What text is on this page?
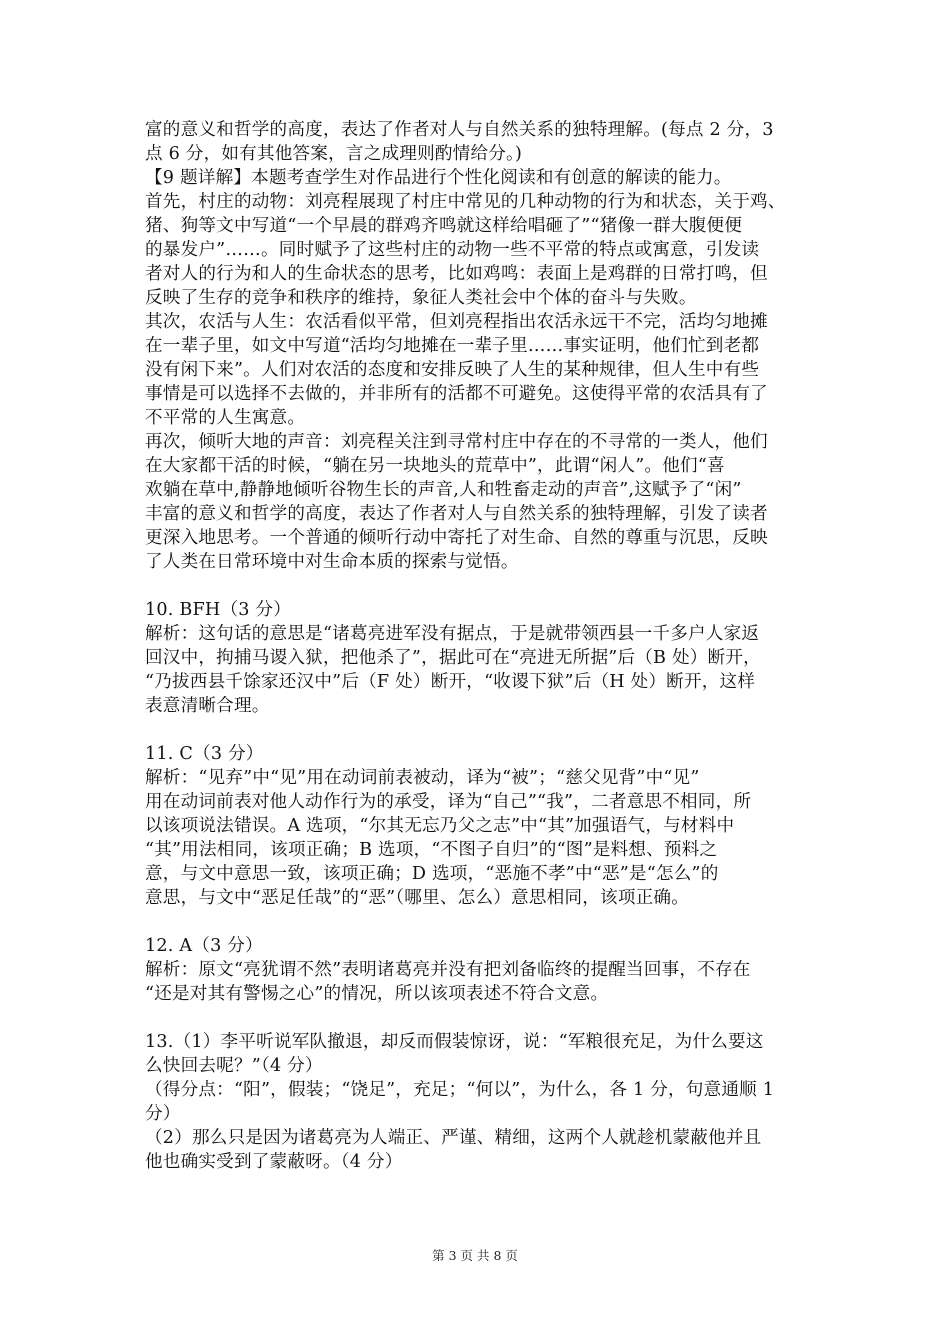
富的意义和哲学的高度，表达了作者对人与自然关系的独特理解。(每点 2 分，3
点 6 分，如有其他答案，言之成理则酌情给分。)
【9 题详解】本题考查学生对作品进行个性化阅读和有创意的解读的能力。
首先，村庄的动物：刘亮程展现了村庄中常见的几种动物的行为和状态，关于鸡、
猪、狗等文中写道“一个早晨的群鸡齐鸣就这样给唱砸了”“猪像一群大腹便便
的暴发户”……。同时赋予了这些村庄的动物一些不平常的特点或寓意，引发读
者对人的行为和人的生命状态的思考，比如鸡鸣：表面上是鸡群的日常打鸣，但
反映了生存的竞争和秩序的维持，象征人类社会中个体的奋斗与失败。
其次，农活与人生：农活看似平常，但刘亮程指出农活永远干不完，活均匀地摊
在一辈子里，如文中写道“活均匀地摊在一辈子里……事实证明，他们忙到老都
没有闲下来”。人们对农活的态度和安排反映了人生的某种规律，但人生中有些
事情是可以选择不去做的，并非所有的活都不可避免。这使得平常的农活具有了
不平常的人生寓意。
再次，倾听大地的声音：刘亮程关注到寻常村庄中存在的不寻常的一类人，他们
在大家都干活的时候，“躺在另一块地头的荒草中”，此谓“闲人”。他们“喜
欢躺在草中,静静地倾听谷物生长的声音,人和牲畜走动的声音”,这赋予了“闲”
丰富的意义和哲学的高度，表达了作者对人与自然关系的独特理解，引发了读者
更深入地思考。一个普通的倾听行动中寄托了对生命、自然的尊重与沉思，反映
了人类在日常环境中对生命本质的探索与觉悟。
10. BFH（3 分）
解析：这句话的意思是“诸葛亮进军没有据点，于是就带领西县一千多户人家返
回汉中，拘捕马谡入狱，把他杀了”，据此可在“亮进无所据”后（B 处）断开，
“乃拔西县千馀家还汉中”后（F 处）断开，“收谡下狱”后（H 处）断开，这样
表意清晰合理。
11. C（3 分）
解析：“见弃”中“见”用在动词前表被动，译为“被”；“慈父见背”中“见”
用在动词前表对他人动作行为的承受，译为“自己”“我”，二者意思不相同，所
以该项说法错误。A 选项，“尔其无忘乃父之志”中“其”加强语气，与材料中
“其”用法相同，该项正确；B 选项，“不图子自归”的“图”是料想、预料之
意，与文中意思一致，该项正确；D 选项，“恶施不孝”中“恶”是“怎么”的
意思，与文中“恶足任哉”的“恶”（哪里、怎么）意思相同，该项正确。
12. A（3 分）
解析：原文“亮犹谓不然”表明诸葛亮并没有把刘备临终的提醒当回事，不存在
“还是对其有警惕之心”的情况，所以该项表述不符合文意。
13.（1）李平听说军队撤退，却反而假装惊讶，说：“军粮很充足，为什么要这
么快回去呢？”（4 分）
（得分点：“阳”，假装；“饶足”，充足；“何以”，为什么，各 1 分，句意通顺 1
分）
（2）那么只是因为诸葛亮为人端正、严谨、精细，这两个人就趁机蒙蔽他并且
他也确实受到了蒙蔽呀。（4 分）
第 3 页 共 8 页
